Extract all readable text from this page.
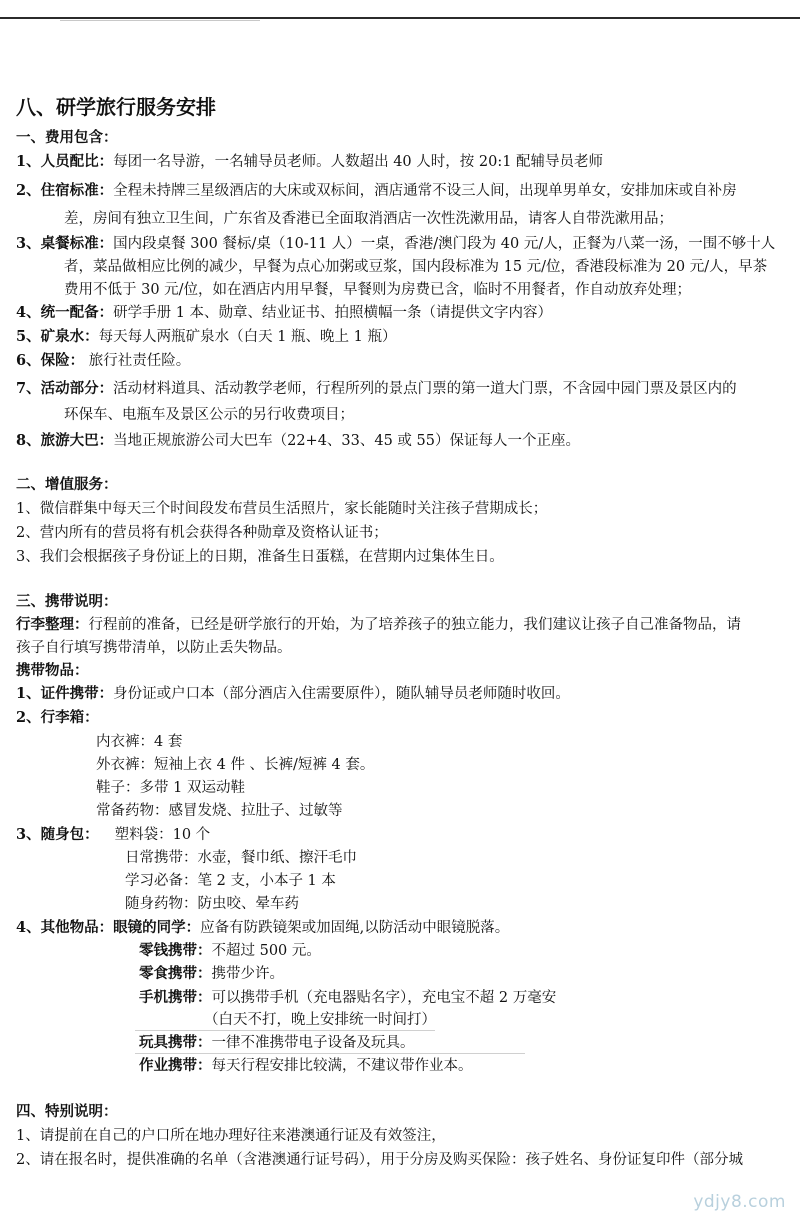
八、研学旅行服务安排
一、费用包含：
1、人员配比：每团一名导游，一名辅导员老师。人数超出 40 人时，按 20:1 配辅导员老师
2、住宿标准：全程未持牌三星级酒店的大床或双标间，酒店通常不设三人间，出现单男单女，安排加床或自补房
差，房间有独立卫生间，广东省及香港已全面取消酒店一次性洗漱用品，请客人自带洗漱用品；
3、桌餐标准：国内段桌餐 300 餐标/桌（10-11 人）一桌，香港/澳门段为 40 元/人，正餐为八菜一汤，一围不够十人
者，菜品做相应比例的减少，早餐为点心加粥或豆浆，国内段标准为 15 元/位，香港段标准为 20 元/人，早茶
费用不低于 30 元/位，如在酒店内用早餐，早餐则为房费已含，临时不用餐者，作自动放弃处理；
4、统一配备：研学手册 1 本、勋章、结业证书、拍照横幅一条（请提供文字内容）
5、矿泉水：每天每人两瓶矿泉水（白天 1 瓶、晚上 1 瓶）
6、保险： 旅行社责任险。
7、活动部分：活动材料道具、活动教学老师，行程所列的景点门票的第一道大门票，不含园中园门票及景区内的
环保车、电瓶车及景区公示的另行收费项目；
8、旅游大巴：当地正规旅游公司大巴车（22+4、33、45 或 55）保证每人一个正座。
二、增值服务：
1、微信群集中每天三个时间段发布营员生活照片，家长能随时关注孩子营期成长；
2、营内所有的营员将有机会获得各种勋章及资格认证书；
3、我们会根据孩子身份证上的日期，准备生日蛋糕，在营期内过集体生日。
三、携带说明：
行李整理：行程前的准备，已经是研学旅行的开始，为了培养孩子的独立能力，我们建议让孩子自己准备物品，请
孩子自行填写携带清单，以防止丢失物品。
携带物品：
1、证件携带：身份证或户口本（部分酒店入住需要原件），随队辅导员老师随时收回。
2、行李箱：
内衣裤：4 套
外衣裤：短袖上衣 4 件 、长裤/短裤 4 套。
鞋子：多带 1 双运动鞋
常备药物：感冒发烧、拉肚子、过敏等
3、随身包： 塑料袋：10 个
日常携带：水壶，餐巾纸、擦汗毛巾
学习必备：笔 2 支，小本子 1 本
随身药物：防虫咬、晕车药
4、其他物品：眼镜的同学：应备有防跌镜架或加固绳,以防活动中眼镜脱落。
零钱携带：不超过 500 元。
零食携带：携带少许。
手机携带：可以携带手机（充电器贴名字），充电宝不超 2 万毫安
（白天不打，晚上安排统一时间打）
玩具携带：一律不准携带电子设备及玩具。
作业携带：每天行程安排比较满，不建议带作业本。
四、特别说明：
1、请提前在自己的户口所在地办理好往来港澳通行证及有效签注，
2、请在报名时，提供准确的名单（含港澳通行证号码），用于分房及购买保险：孩子姓名、身份证复印件（部分城
ydjy8.com
